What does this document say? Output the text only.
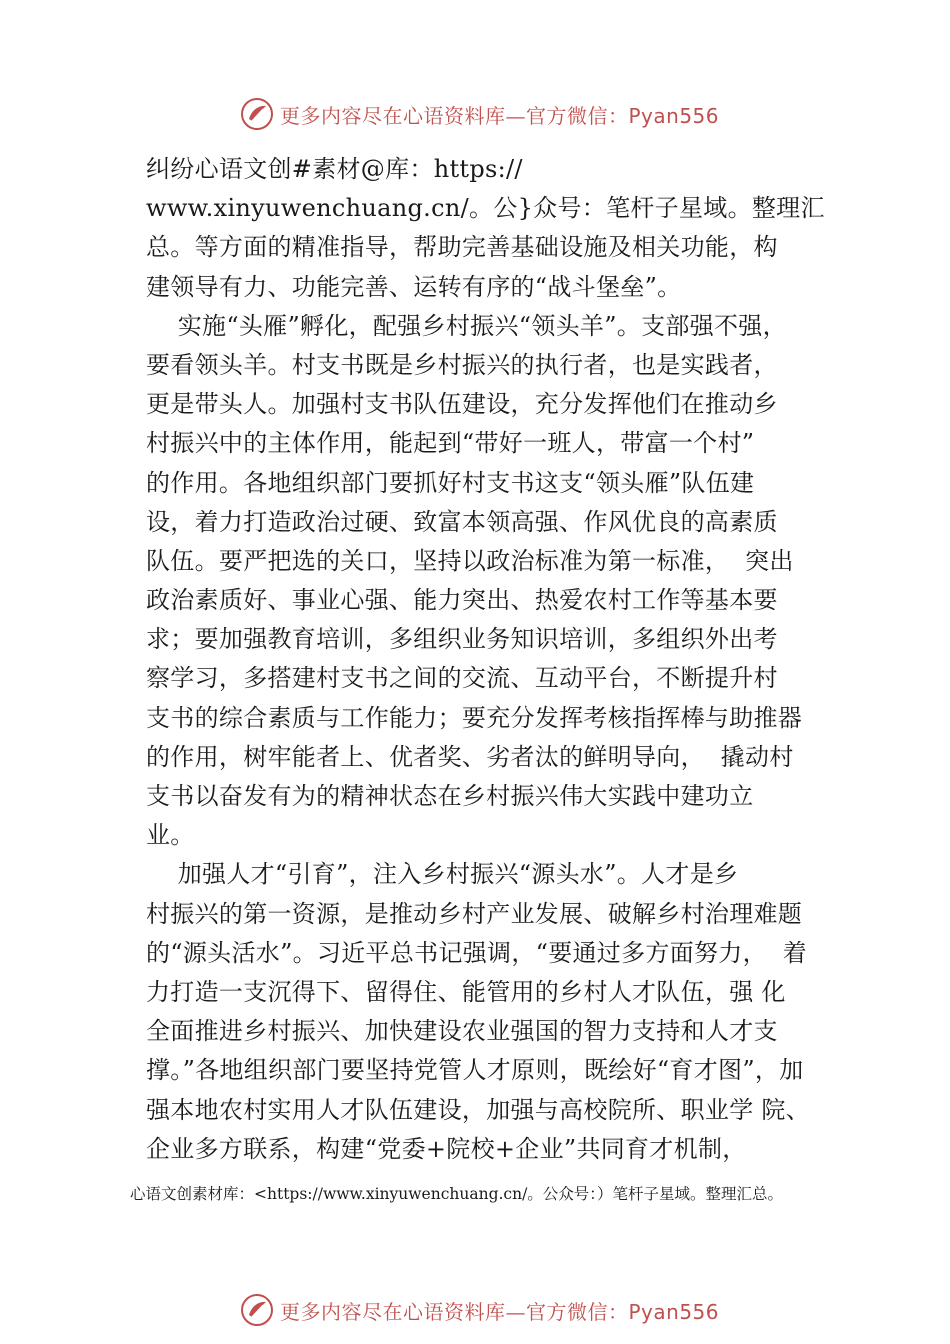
更多内容尽在心语资料库—官方微信：Pyan556
纠纷心语文创#素材@库：https://
www.xinyuwenchuang.cn/。公}众号：笔杆子星域。整理汇
总。等方面的精准指导，帮助完善基础设施及相关功能，构
建领导有力、功能完善、运转有序的“战斗堡垒”。
实施“头雁”孵化，配强乡村振兴“领头羊”。支部强不强，
要看领头羊。村支书既是乡村振兴的执行者，也是实践者，
更是带头人。加强村支书队伍建设，充分发挥他们在推动乡
村振兴中的主体作用，能起到“带好一班人，带富一个村”
的作用。各地组织部门要抓好村支书这支“领头雁”队伍建
设，着力打造政治过硬、致富本领高强、作风优良的高素质
队伍。要严把选的关口，坚持以政治标准为第一标准，  突出
政治素质好、事业心强、能力突出、热爱农村工作等基本要
求；要加强教育培训，多组织业务知识培训，多组织外出考
察学习，多搭建村支书之间的交流、互动平台，不断提升村
支书的综合素质与工作能力；要充分发挥考核指挥棒与助推器
的作用，树牢能者上、优者奖、劣者汰的鲜明导向，  撬动村
支书以奋发有为的精神状态在乡村振兴伟大实践中建功立
业。
加强人才“引育”，注入乡村振兴“源头水”。人才是乡
村振兴的第一资源，是推动乡村产业发展、破解乡村治理难题
的“源头活水”。习近平总书记强调，“要通过多方面努力，  着
力打造一支沉得下、留得住、能管用的乡村人才队伍，强 化
全面推进乡村振兴、加快建设农业强国的智力支持和人才支
撑。”各地组织部门要坚持党管人才原则，既绘好“育才图”，加
强本地农村实用人才队伍建设，加强与高校院所、职业学 院、
企业多方联系，构建“党委+院校+企业”共同育才机制，
心语文创素材库：<https://www.xinyuwenchuang.cn/。公众号：）笔杆子星域。整理汇总。
更多内容尽在心语资料库—官方微信：Pyan556
